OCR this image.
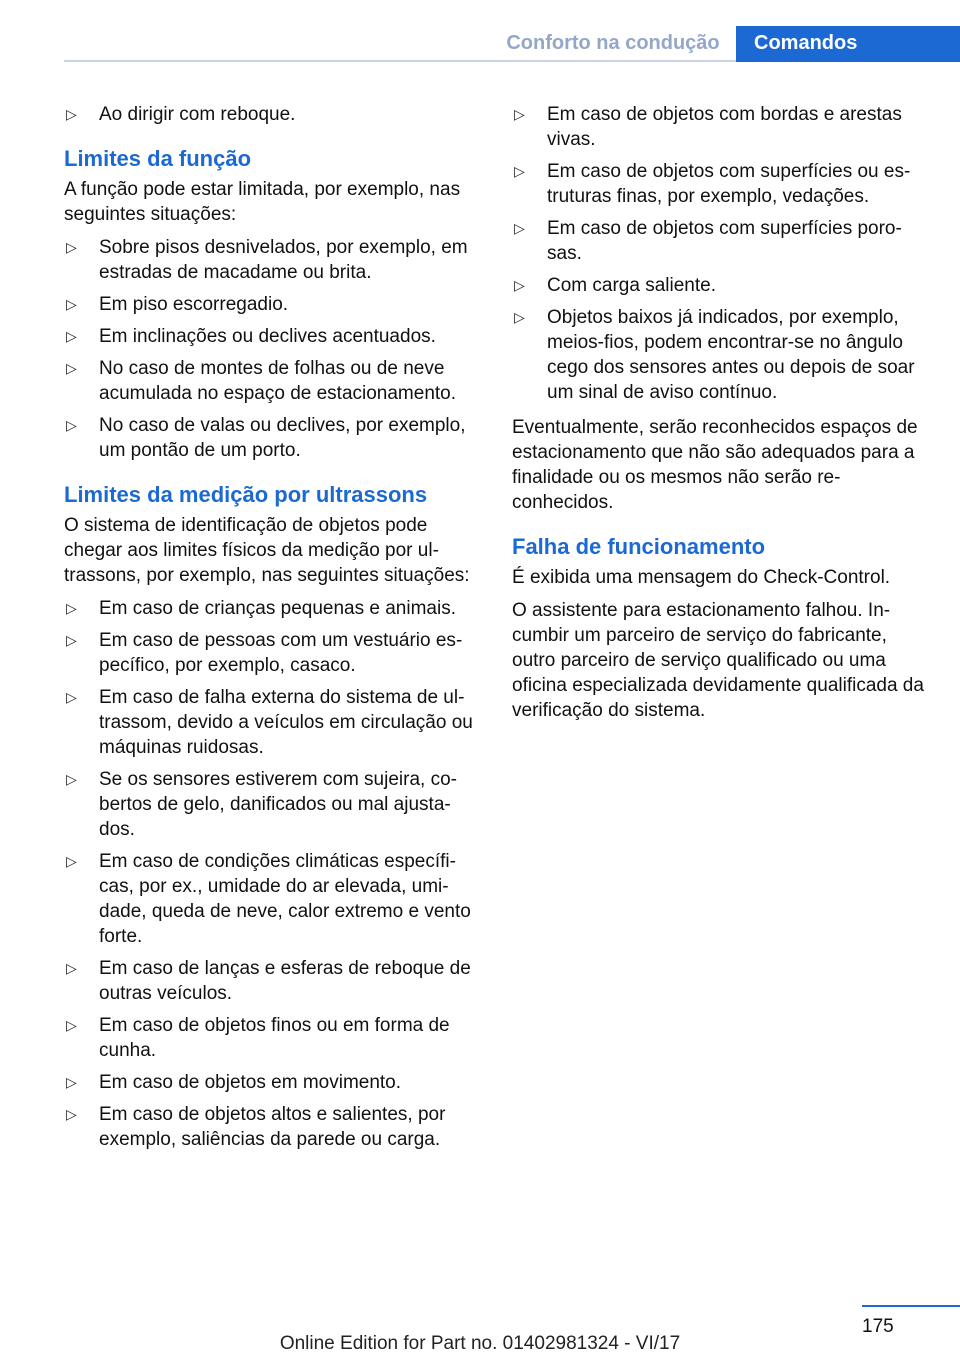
Conforto na condução	Comandos
▷ Ao dirigir com reboque.
Limites da função

A função pode estar limitada, por exemplo, nas seguintes situações:

▷ Sobre pisos desnivelados, por exemplo, em estradas de macadame ou brita.
▷ Em piso escorregadio.
▷ Em inclinações ou declives acentuados.
▷ No caso de montes de folhas ou de neve acumulada no espaço de estacionamento.
▷ No caso de valas ou declives, por exemplo, um pontão de um porto.
Limites da medição por ultrassons

O sistema de identificação de objetos pode chegar aos limites físicos da medição por ultrassons, por exemplo, nas seguintes situações:

▷ Em caso de crianças pequenas e animais.
▷ Em caso de pessoas com um vestuário específico, por exemplo, casaco.
▷ Em caso de falha externa do sistema de ultrassom, devido a veículos em circulação ou máquinas ruidosas.
▷ Se os sensores estiverem com sujeira, cobertos de gelo, danificados ou mal ajustados.
▷ Em caso de condições climáticas específicas, por ex., umidade do ar elevada, umidade, queda de neve, calor extremo e vento forte.
▷ Em caso de lanças e esferas de reboque de outras veículos.
▷ Em caso de objetos finos ou em forma de cunha.
▷ Em caso de objetos em movimento.
▷ Em caso de objetos altos e salientes, por exemplo, saliências da parede ou carga.
▷ Em caso de objetos com bordas e arestas vivas.
▷ Em caso de objetos com superfícies ou estruturas finas, por exemplo, vedações.
▷ Em caso de objetos com superfícies porosas.
▷ Com carga saliente.
▷ Objetos baixos já indicados, por exemplo, meios-fios, podem encontrar-se no ângulo cego dos sensores antes ou depois de soar um sinal de aviso contínuo.

Eventualmente, serão reconhecidos espaços de estacionamento que não são adequados para a finalidade ou os mesmos não serão reconhecidos.

Falha de funcionamento

É exibida uma mensagem do Check-Control.

O assistente para estacionamento falhou. Incumbir um parceiro de serviço do fabricante, outro parceiro de serviço qualificado ou uma oficina especializada devidamente qualificada da verificação do sistema.

175
Online Edition for Part no. 01402981324 - VI/17
